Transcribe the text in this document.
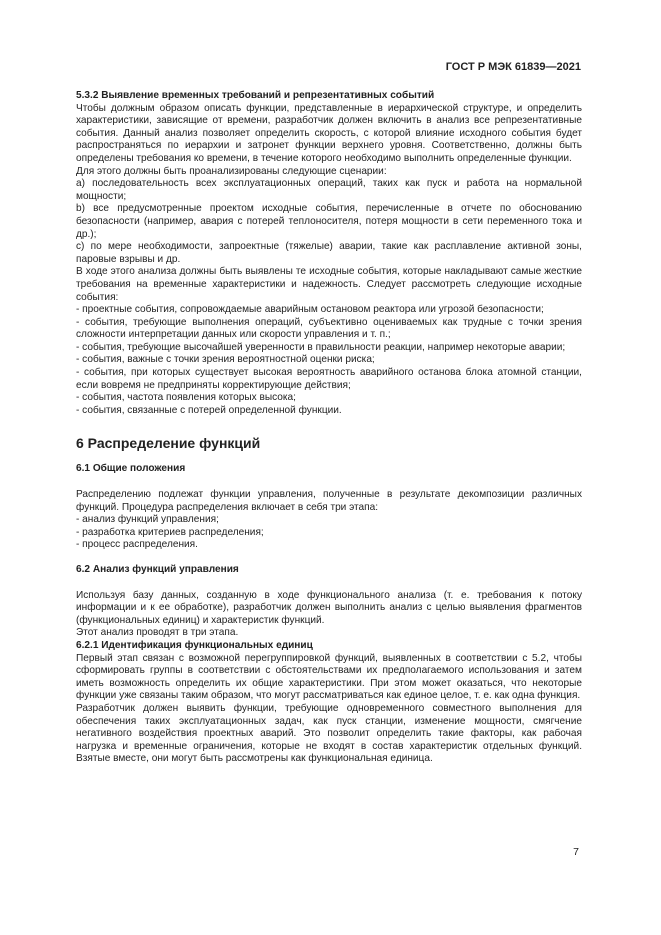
ГОСТ Р МЭК 61839—2021

5.3.2 Выявление временных требований и репрезентативных событий

Чтобы должным образом описать функции, представленные в иерархической структуре, и определить характеристики, зависящие от времени, разработчик должен включить в анализ все репрезентативные события. Данный анализ позволяет определить скорость, с которой влияние исходного события будет распространяться по иерархии и затронет функции верхнего уровня. Соответственно, должны быть определены требования ко времени, в течение которого необходимо выполнить определенные функции.

Для этого должны быть проанализированы следующие сценарии:

а) последовательность всех эксплуатационных операций, таких как пуск и работа на нормальной мощности;

b) все предусмотренные проектом исходные события, перечисленные в отчете по обоснованию безопасности (например, авария с потерей теплоносителя, потеря мощности в сети переменного тока и др.);

c) по мере необходимости, запроектные (тяжелые) аварии, такие как расплавление активной зоны, паровые взрывы и др.

В ходе этого анализа должны быть выявлены те исходные события, которые накладывают самые жесткие требования на временные характеристики и надежность. Следует рассмотреть следующие исходные события:

- проектные события, сопровождаемые аварийным остановом реактора или угрозой безопасности;

- события, требующие выполнения операций, субъективно оцениваемых как трудные с точки зрения сложности интерпретации данных или скорости управления и т. п.;

- события, требующие высочайшей уверенности в правильности реакции, например некоторые аварии;

- события, важные с точки зрения вероятностной оценки риска;

- события, при которых существует высокая вероятность аварийного останова блока атомной станции, если вовремя не предприняты корректирующие действия;

- события, частота появления которых высока;

- события, связанные с потерей определенной функции.

6 Распределение функций

6.1 Общие положения

Распределению подлежат функции управления, полученные в результате декомпозиции различных функций. Процедура распределения включает в себя три этапа:

- анализ функций управления;

- разработка критериев распределения;

- процесс распределения.

6.2 Анализ функций управления

Используя базу данных, созданную в ходе функционального анализа (т. е. требования к потоку информации и к ее обработке), разработчик должен выполнить анализ с целью выявления фрагментов (функциональных единиц) и характеристик функций.

Этот анализ проводят в три этапа.

6.2.1 Идентификация функциональных единиц

Первый этап связан с возможной перегруппировкой функций, выявленных в соответствии с 5.2, чтобы сформировать группы в соответствии с обстоятельствами их предполагаемого использования и затем иметь возможность определить их общие характеристики. При этом может оказаться, что некоторые функции уже связаны таким образом, что могут рассматриваться как единое целое, т. е. как одна функция.

Разработчик должен выявить функции, требующие одновременного совместного выполнения для обеспечения таких эксплуатационных задач, как пуск станции, изменение мощности, смягчение негативного воздействия проектных аварий. Это позволит определить такие факторы, как рабочая нагрузка и временные ограничения, которые не входят в состав характеристик отдельных функций. Взятые вместе, они могут быть рассмотрены как функциональная единица.

7
